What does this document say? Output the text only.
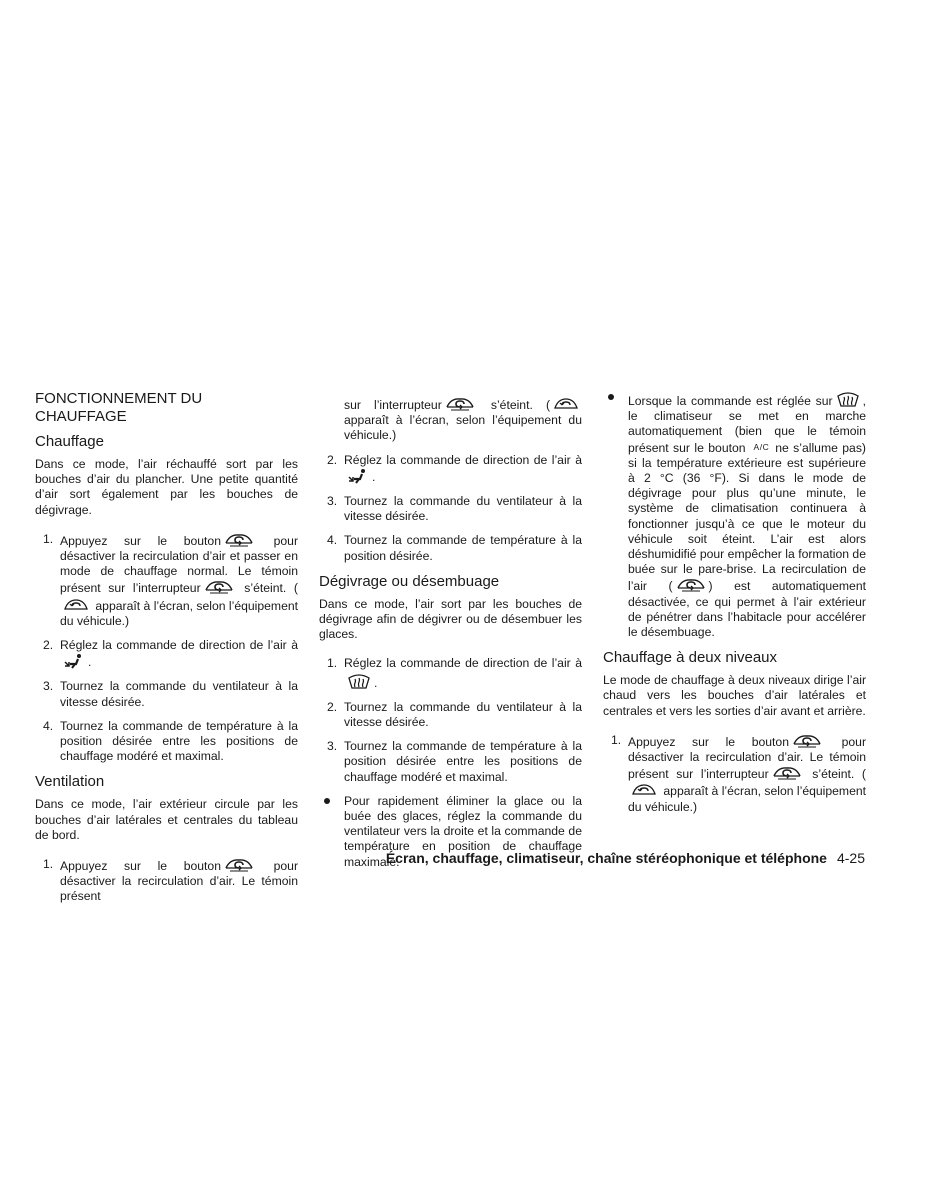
FONCTIONNEMENT DU CHAUFFAGE
Chauffage

Dans ce mode, l’air réchauffé sort par les bouches d’air du plancher. Une petite quantité d’air sort également par les bouches de dégivrage.

1. Appuyez sur le bouton	pour désactiver la recirculation d’air et passer en mode de chauffage normal. Le témoin présent sur l’interrupteur	s’éteint. ( apparaît à l’écran, selon l’équipement du véhicule.)
2. Réglez la commande de direction de l’air à.
3. Tournez la commande du ventilateur à la vitesse désirée.
4. Tournez la commande de température à la position désirée entre les positions de chauffage modéré et maximal.
Ventilation

Dans ce mode, l’air extérieur circule par les bouches d’air latérales et centrales du tableau de bord.

1. Appuyez sur le bouton	pour désactiver la recirculation d’air. Le témoin présent

sur l’interrupteur	s’éteint. ( apparaît à l’écran, selon l’équipement du véhicule.)

2. Réglez la commande de direction de l’air à.
3. Tournez la commande du ventilateur à la vitesse désirée.
4. Tournez la commande de température à la position désirée.
Dégivrage ou désembuage

Dans ce mode, l’air sort par les bouches de dégivrage afin de dégivrer ou de désembuer les glaces.

1. Réglez la commande de direction de l’air à.
2. Tournez la commande du ventilateur à la vitesse désirée.
3. Tournez la commande de température à la position désirée entre les positions de chauffage modéré et maximal.
Pour rapidement éliminer la glace ou la buée des glaces, réglez la commande du ventilateur vers la droite et la commande de température en position de chauffage maximale.
Lorsque la commande est réglée sur , le climatiseur se met en marche automatiquement (bien que le témoin présent sur le bouton A/C ne s’allume pas) si la température extérieure est supérieure à 2 °C (36 °F). Si dans le mode de dégivrage pour plus qu’une minute, le système de climatisation continuera à fonctionner jusqu’à ce que le moteur du véhicule soit éteint. L’air est alors déshumidifié pour empêcher la formation de buée sur le pare-brise. La recirculation de l’air (	) est automatiquement désactivée, ce qui permet à l’air extérieur de pénétrer dans l’habitacle pour accélérer le désembuage.
Chauffage à deux niveaux

Le mode de chauffage à deux niveaux dirige l’air chaud vers les bouches d’air latérales et centrales et vers les sorties d’air avant et arrière.

1. Appuyez sur le bouton	pour désactiver la recirculation d’air. Le témoin présent sur l’interrupteur	s’éteint. ( apparaît à l’écran, selon l’équipement du véhicule.)
Écran, chauffage, climatiseur, chaîne stéréophonique et téléphone 4-25
